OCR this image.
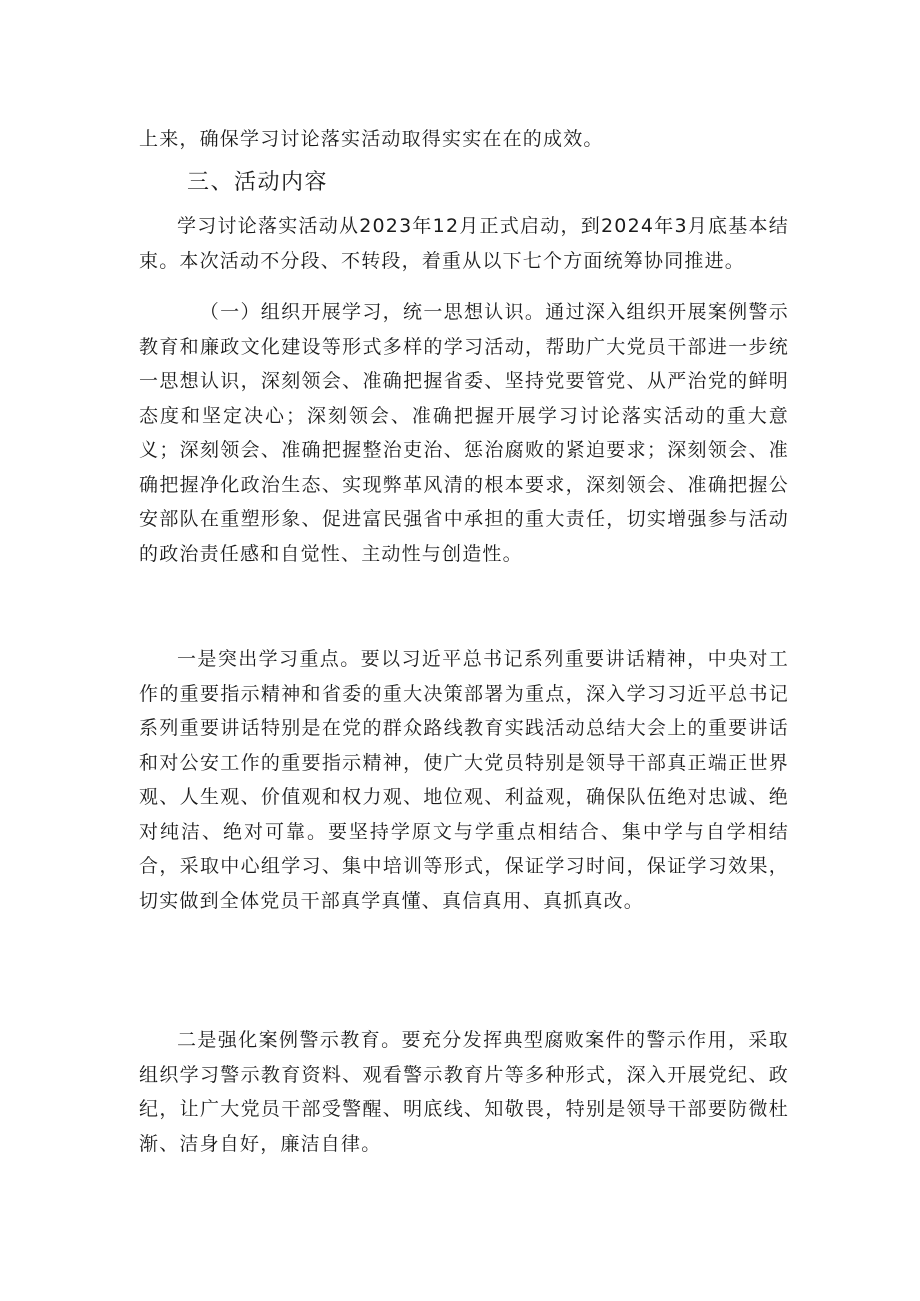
上来，确保学习讨论落实活动取得实实在在的成效。

三、活动内容

学习讨论落实活动从2023年12月正式启动，到2024年3月底基本结束。本次活动不分段、不转段，着重从以下七个方面统筹协同推进。

（一）组织开展学习，统一思想认识。通过深入组织开展案例警示教育和廉政文化建设等形式多样的学习活动，帮助广大党员干部进一步统一思想认识，深刻领会、准确把握省委、坚持党要管党、从严治党的鲜明态度和坚定决心；深刻领会、准确把握开展学习讨论落实活动的重大意义；深刻领会、准确把握整治吏治、惩治腐败的紧迫要求；深刻领会、准确把握净化政治生态、实现弊革风清的根本要求，深刻领会、准确把握公安部队在重塑形象、促进富民强省中承担的重大责任，切实增强参与活动的政治责任感和自觉性、主动性与创造性。

一是突出学习重点。要以习近平总书记系列重要讲话精神，中央对工作的重要指示精神和省委的重大决策部署为重点，深入学习习近平总书记系列重要讲话特别是在党的群众路线教育实践活动总结大会上的重要讲话和对公安工作的重要指示精神，使广大党员特别是领导干部真正端正世界观、人生观、价值观和权力观、地位观、利益观，确保队伍绝对忠诚、绝对纯洁、绝对可靠。要坚持学原文与学重点相结合、集中学与自学相结合，采取中心组学习、集中培训等形式，保证学习时间，保证学习效果，切实做到全体党员干部真学真懂、真信真用、真抓真改。

二是强化案例警示教育。要充分发挥典型腐败案件的警示作用，采取组织学习警示教育资料、观看警示教育片等多种形式，深入开展党纪、政纪，让广大党员干部受警醒、明底线、知敬畏，特别是领导干部要防微杜渐、洁身自好，廉洁自律。
